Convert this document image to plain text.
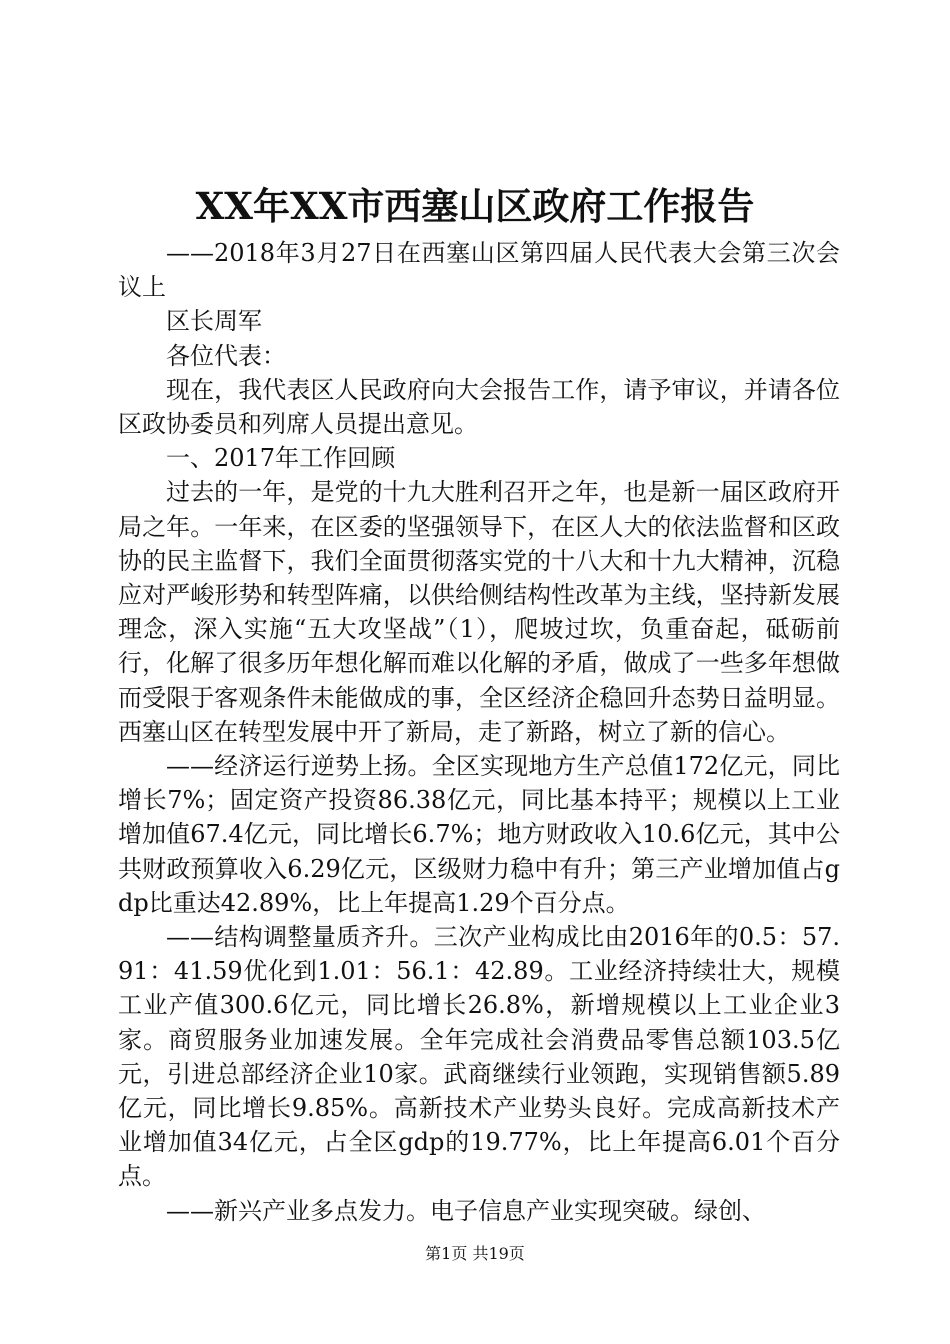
XX年XX市西塞山区政府工作报告

——2018年3月27日在西塞山区第四届人民代表大会第三次会议上

区长周军

各位代表：

现在，我代表区人民政府向大会报告工作，请予审议，并请各位区政协委员和列席人员提出意见。

一、2017年工作回顾

过去的一年，是党的十九大胜利召开之年，也是新一届区政府开局之年。一年来，在区委的坚强领导下，在区人大的依法监督和区政协的民主监督下，我们全面贯彻落实党的十八大和十九大精神，沉稳应对严峻形势和转型阵痛，以供给侧结构性改革为主线，坚持新发展理念，深入实施“五大攻坚战”（1），爬坡过坎，负重奋起，砥砺前行，化解了很多历年想化解而难以化解的矛盾，做成了一些多年想做而受限于客观条件未能做成的事，全区经济企稳回升态势日益明显。西塞山区在转型发展中开了新局，走了新路，树立了新的信心。

——经济运行逆势上扬。全区实现地方生产总值172亿元，同比增长7%；固定资产投资86.38亿元，同比基本持平；规模以上工业增加值67.4亿元，同比增长6.7%；地方财政收入10.6亿元，其中公共财政预算收入6.29亿元，区级财力稳中有升；第三产业增加值占gdp比重达42.89%，比上年提高1.29个百分点。

——结构调整量质齐升。三次产业构成比由2016年的0.5：57.91：41.59优化到1.01：56.1：42.89。工业经济持续壮大，规模工业产值300.6亿元，同比增长26.8%，新增规模以上工业企业3家。商贸服务业加速发展。全年完成社会消费品零售总额103.5亿元，引进总部经济企业10家。武商继续行业领跑，实现销售额5.89亿元，同比增长9.85%。高新技术产业势头良好。完成高新技术产业增加值34亿元，占全区gdp的19.77%，比上年提高6.01个百分点。

——新兴产业多点发力。电子信息产业实现突破。绿创、

第1页 共19页
